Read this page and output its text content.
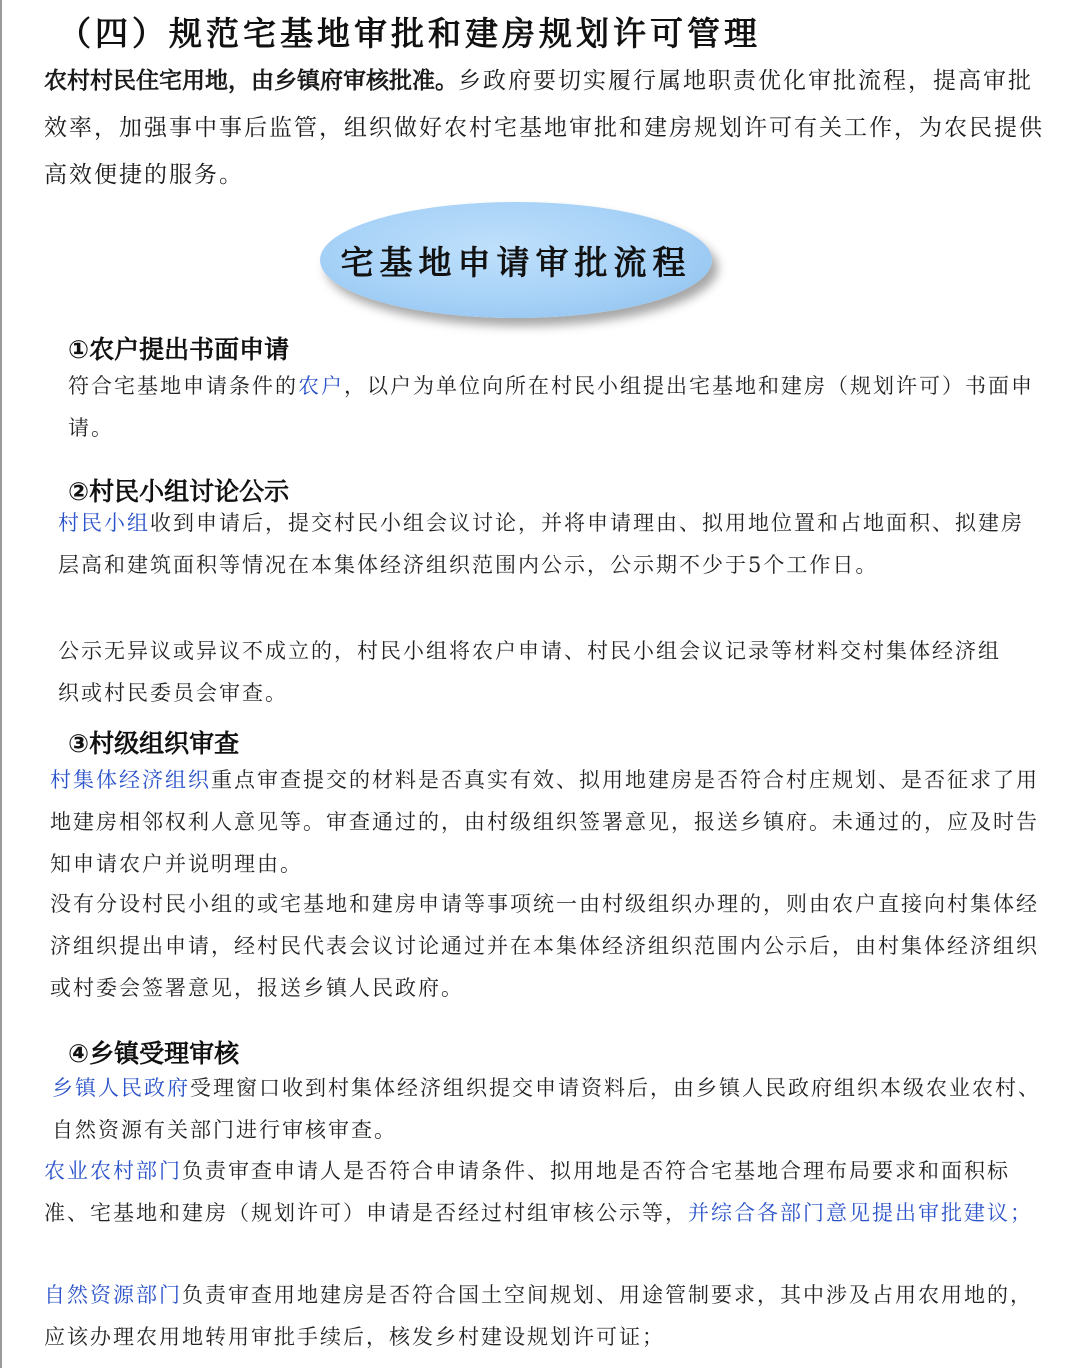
（四）规范宅基地审批和建房规划许可管理
农村村民住宅用地，由乡镇府审核批准。乡政府要切实履行属地职责优化审批流程，提高审批效率，加强事中事后监管，组织做好农村宅基地审批和建房规划许可有关工作，为农民提供高效便捷的服务。
宅基地申请审批流程
①农户提出书面申请
符合宅基地申请条件的农户，以户为单位向所在村民小组提出宅基地和建房（规划许可）书面申请。
②村民小组讨论公示
村民小组收到申请后，提交村民小组会议讨论，并将申请理由、拟用地位置和占地面积、拟建房层高和建筑面积等情况在本集体经济组织范围内公示，公示期不少于5个工作日。
公示无异议或异议不成立的，村民小组将农户申请、村民小组会议记录等材料交村集体经济组织或村民委员会审查。
③村级组织审查
村集体经济组织重点审查提交的材料是否真实有效、拟用地建房是否符合村庄规划、是否征求了用地建房相邻权利人意见等。审查通过的，由村级组织签署意见，报送乡镇府。未通过的，应及时告知申请农户并说明理由。
没有分设村民小组的或宅基地和建房申请等事项统一由村级组织办理的，则由农户直接向村集体经济组织提出申请，经村民代表会议讨论通过并在本集体经济组织范围内公示后，由村集体经济组织或村委会签署意见，报送乡镇人民政府。
④乡镇受理审核
乡镇人民政府受理窗口收到村集体经济组织提交申请资料后，由乡镇人民政府组织本级农业农村、自然资源有关部门进行审核审查。
农业农村部门负责审查申请人是否符合申请条件、拟用地是否符合宅基地合理布局要求和面积标准、宅基地和建房（规划许可）申请是否经过村组审核公示等，并综合各部门意见提出审批建议；
自然资源部门负责审查用地建房是否符合国土空间规划、用途管制要求，其中涉及占用农用地的，应该办理农用地转用审批手续后，核发乡村建设规划许可证；
